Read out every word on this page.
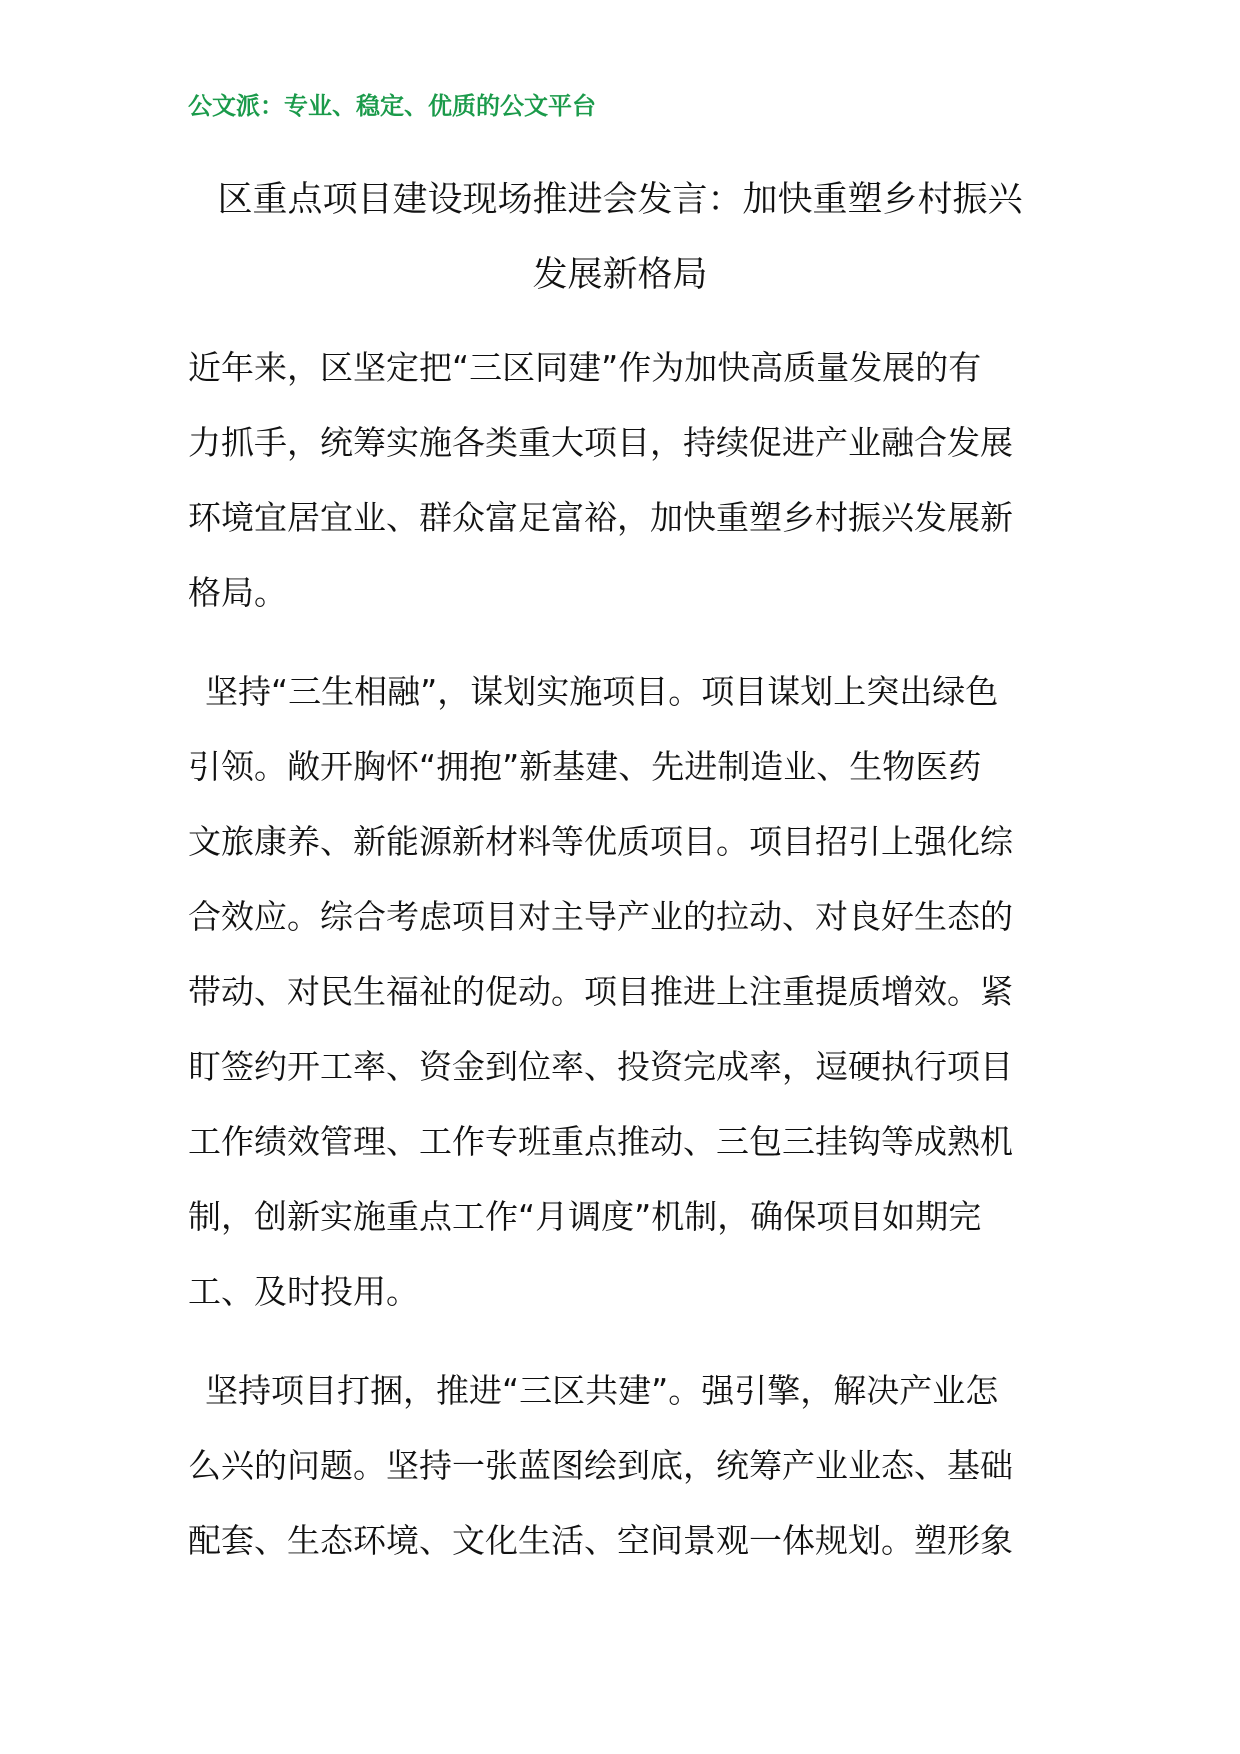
公文派：专业、稳定、优质的公文平台
区重点项目建设现场推进会发言：加快重塑乡村振兴
发展新格局

近年来，区坚定把“三区同建”作为加快高质量发展的有
力抓手，统筹实施各类重大项目，持续促进产业融合发展
环境宜居宜业、群众富足富裕，加快重塑乡村振兴发展新
格局。

坚持“三生相融”，谋划实施项目。项目谋划上突出绿色
引领。敞开胸怀“拥抱”新基建、先进制造业、生物医药
文旅康养、新能源新材料等优质项目。项目招引上强化综
合效应。综合考虑项目对主导产业的拉动、对良好生态的
带动、对民生福祉的促动。项目推进上注重提质增效。紧
盯签约开工率、资金到位率、投资完成率，逗硬执行项目
工作绩效管理、工作专班重点推动、三包三挂钩等成熟机
制，创新实施重点工作“月调度”机制，确保项目如期完
工、及时投用。

坚持项目打捆，推进“三区共建”。强引擎，解决产业怎
么兴的问题。坚持一张蓝图绘到底，统筹产业业态、基础
配套、生态环境、文化生活、空间景观一体规划。塑形象
